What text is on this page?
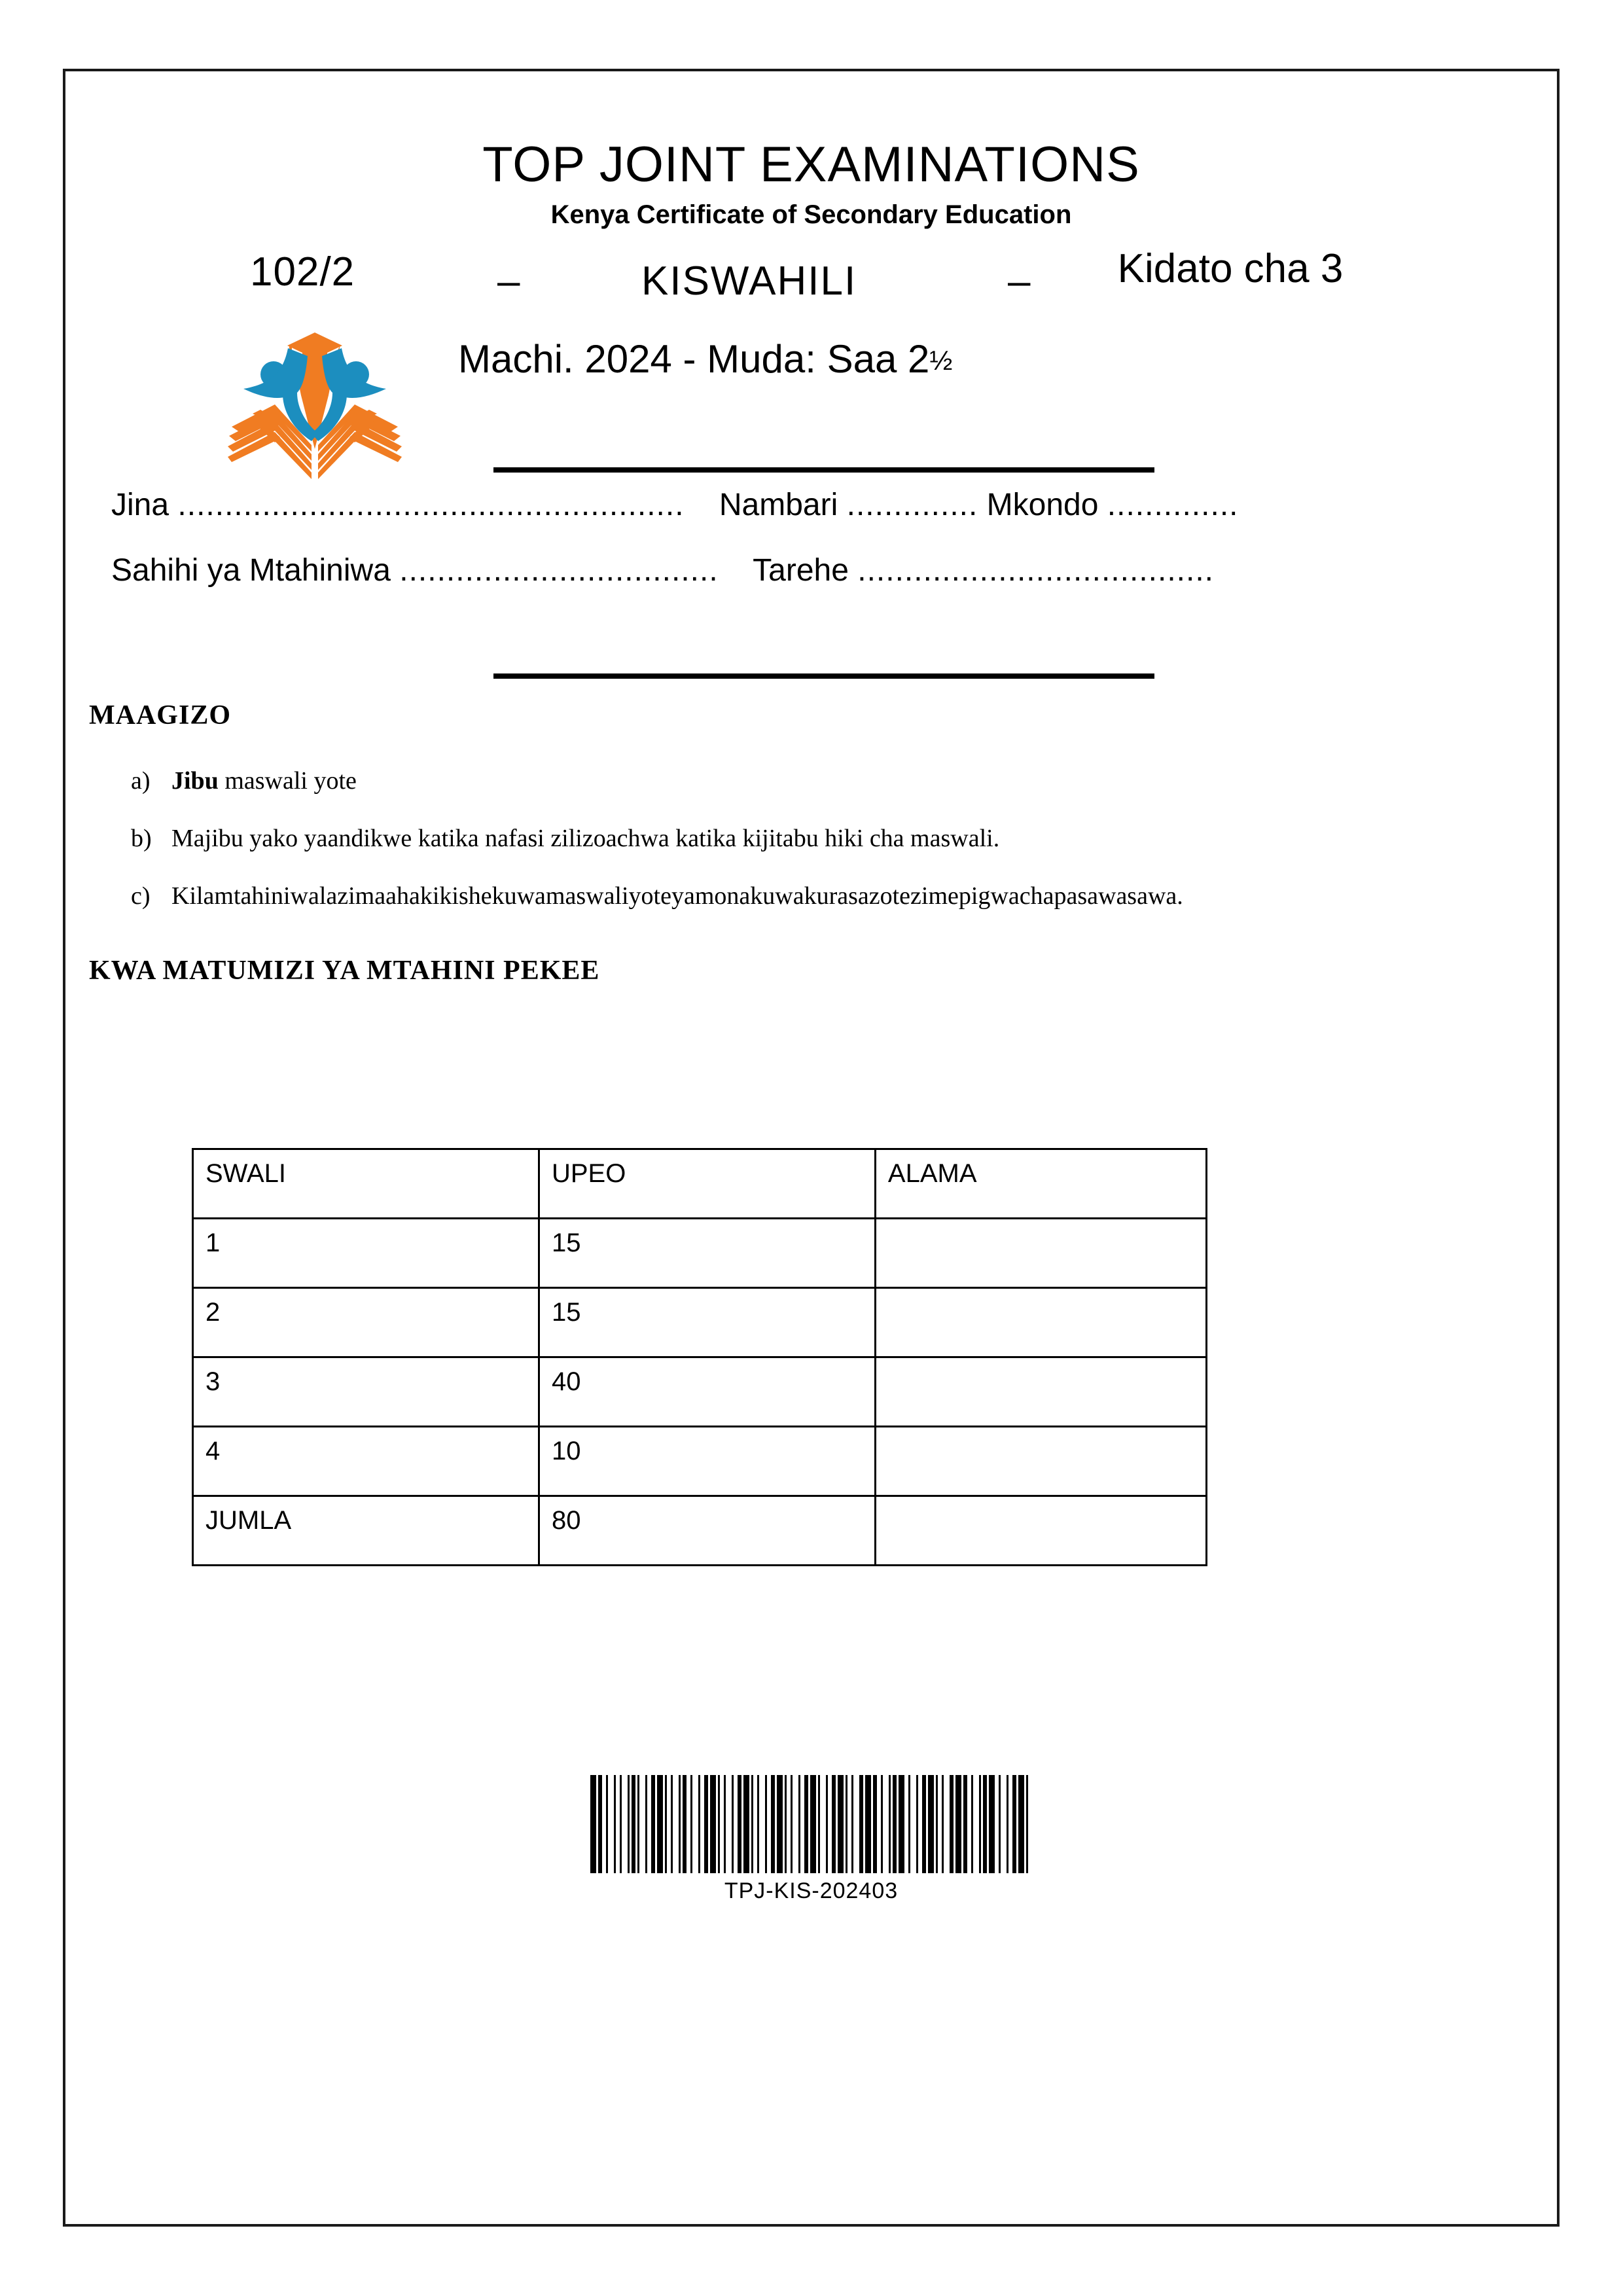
TOP JOINT EXAMINATIONS
Kenya Certificate of Secondary Education
102/2	–	KISWAHILI	–	Kidato cha 3
Machi. 2024 - Muda: Saa 2½
Jina ...................................................... Nambari .............. Mkondo ..............
Sahihi ya Mtahiniwa .................................. Tarehe ......................................
MAAGIZO
a) Jibu maswali yote
b) Majibu yako yaandikwe katika nafasi zilizoachwa katika kijitabu hiki cha maswali.
c) Kilamtahiniwalazimaahakikishekuwamaswaliyoteyamonakuwakurasazotezimepigwachapasawasawa.
KWA MATUMIZI YA MTAHINI PEKEE
SWALI	UPEO	ALAMA
1	15	
2	15	
3	40	
4	10	
JUMLA	80	
TPJ-KIS-202403
